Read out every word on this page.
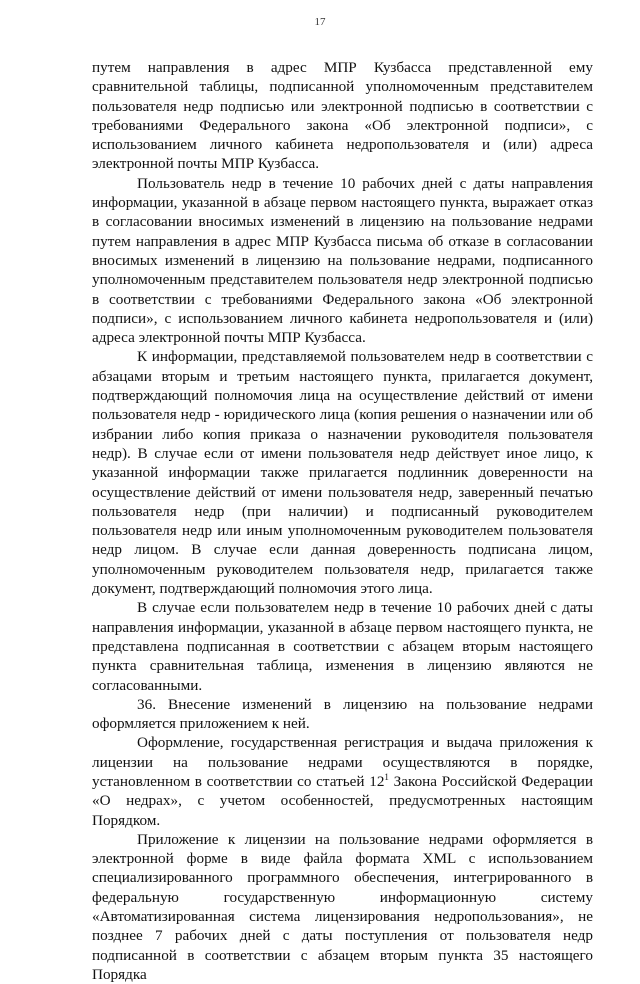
17

путем направления в адрес МПР Кузбасса представленной ему сравнительной таблицы, подписанной уполномоченным представителем пользователя недр подписью или электронной подписью в соответствии с требованиями Федерального закона «Об электронной подписи», с использованием личного кабинета недропользователя и (или) адреса электронной почты МПР Кузбасса.

Пользователь недр в течение 10 рабочих дней с даты направления информации, указанной в абзаце первом настоящего пункта, выражает отказ в согласовании вносимых изменений в лицензию на пользование недрами путем направления в адрес МПР Кузбасса письма об отказе в согласовании вносимых изменений в лицензию на пользование недрами, подписанного уполномоченным представителем пользователя недр электронной подписью в соответствии с требованиями Федерального закона «Об электронной подписи», с использованием личного кабинета недропользователя и (или) адреса электронной почты МПР Кузбасса.

К информации, представляемой пользователем недр в соответствии с абзацами вторым и третьим настоящего пункта, прилагается документ, подтверждающий полномочия лица на осуществление действий от имени пользователя недр - юридического лица (копия решения о назначении или об избрании либо копия приказа о назначении руководителя пользователя недр). В случае если от имени пользователя недр действует иное лицо, к указанной информации также прилагается подлинник доверенности на осуществление действий от имени пользователя недр, заверенный печатью пользователя недр (при наличии) и подписанный руководителем пользователя недр или иным уполномоченным руководителем пользователя недр лицом. В случае если данная доверенность подписана лицом, уполномоченным руководителем пользователя недр, прилагается также документ, подтверждающий полномочия этого лица.

В случае если пользователем недр в течение 10 рабочих дней с даты направления информации, указанной в абзаце первом настоящего пункта, не представлена подписанная в соответствии с абзацем вторым настоящего пункта сравнительная таблица, изменения в лицензию являются не согласованными.

36. Внесение изменений в лицензию на пользование недрами оформляется приложением к ней.

Оформление, государственная регистрация и выдача приложения к лицензии на пользование недрами осуществляются в порядке, установленном в соответствии со статьей $12^1$ Закона Российской Федерации «О недрах», с учетом особенностей, предусмотренных настоящим Порядком.

Приложение к лицензии на пользование недрами оформляется в электронной форме в виде файла формата XML с использованием специализированного программного обеспечения, интегрированного в федеральную государственную информационную систему «Автоматизированная система лицензирования недропользования», не позднее 7 рабочих дней с даты поступления от пользователя недр подписанной в соответствии с абзацем вторым пункта 35 настоящего Порядка
